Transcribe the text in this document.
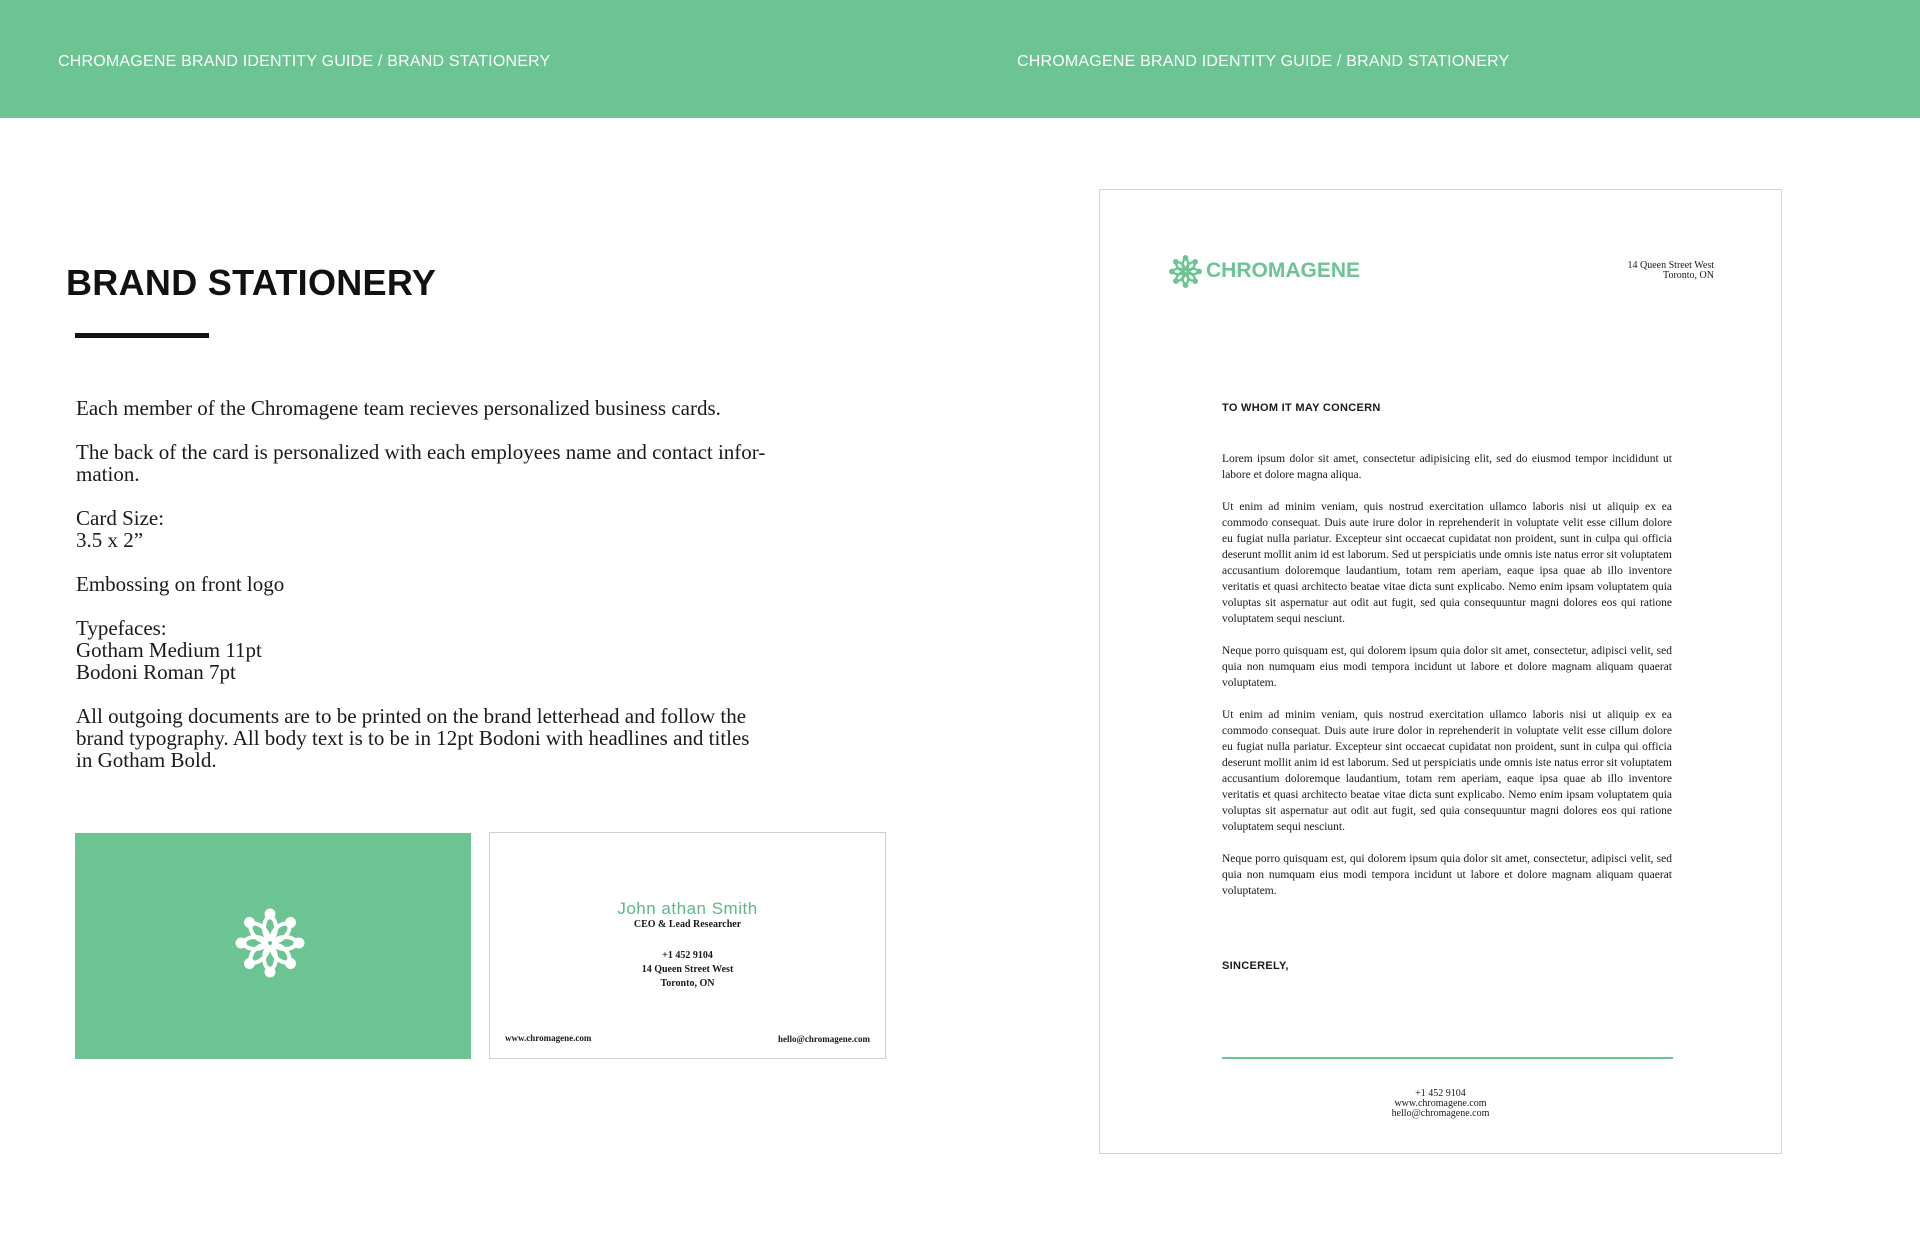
CHROMAGENE BRAND IDENTITY GUIDE / BRAND STATIONERY	CHROMAGENE BRAND IDENTITY GUIDE / BRAND STATIONERY
BRAND STATIONERY

Each member of the Chromagene team recieves personalized business cards.

The back of the card is personalized with each employees name and contact infor-
mation.

Card Size:
3.5 x 2”

Embossing on front logo

Typefaces:
Gotham Medium 11pt
Bodoni Roman 7pt

All outgoing documents are to be printed on the brand letterhead and follow the
brand typography. All body text is to be in 12pt Bodoni with headlines and titles
in Gotham Bold.

John athan Smith
CEO & Lead Researcher
+1 452 9104
14 Queen Street West
Toronto, ON
www.chromagene.com	hello@chromagene.com
CHROMAGENE	14 Queen Street West
Toronto, ON
TO WHOM IT MAY CONCERN

Lorem ipsum dolor sit amet, consectetur adipisicing elit, sed do eiusmod tempor incididunt ut labore et dolore magna aliqua.

Ut enim ad minim veniam, quis nostrud exercitation ullamco laboris nisi ut aliquip ex ea commodo consequat. Duis aute irure dolor in reprehenderit in voluptate velit esse cillum dolore eu fugiat nulla pariatur. Excepteur sint occaecat cupidatat non proident, sunt in culpa qui officia deserunt mollit anim id est laborum. Sed ut perspiciatis unde omnis iste natus error sit voluptatem accusantium doloremque laudantium, totam rem aperiam, eaque ipsa quae ab illo inventore veritatis et quasi architecto beatae vitae dicta sunt explicabo. Nemo enim ipsam voluptatem quia voluptas sit aspernatur aut odit aut fugit, sed quia consequuntur magni dolores eos qui ratione voluptatem sequi nesciunt.

Neque porro quisquam est, qui dolorem ipsum quia dolor sit amet, consectetur, adipisci velit, sed quia non numquam eius modi tempora incidunt ut labore et dolore magnam aliquam quaerat voluptatem.

Ut enim ad minim veniam, quis nostrud exercitation ullamco laboris nisi ut aliquip ex ea commodo consequat. Duis aute irure dolor in reprehenderit in voluptate velit esse cillum dolore eu fugiat nulla pariatur. Excepteur sint occaecat cupidatat non proident, sunt in culpa qui officia deserunt mollit anim id est laborum. Sed ut perspiciatis unde omnis iste natus error sit voluptatem accusantium doloremque laudantium, totam rem aperiam, eaque ipsa quae ab illo inventore veritatis et quasi architecto beatae vitae dicta sunt explicabo. Nemo enim ipsam voluptatem quia voluptas sit aspernatur aut odit aut fugit, sed quia consequuntur magni dolores eos qui ratione voluptatem sequi nesciunt.

Neque porro quisquam est, qui dolorem ipsum quia dolor sit amet, consectetur, adipisci velit, sed quia non numquam eius modi tempora incidunt ut labore et dolore magnam aliquam quaerat voluptatem.

SINCERELY,
+1 452 9104
www.chromagene.com
hello@chromagene.com
